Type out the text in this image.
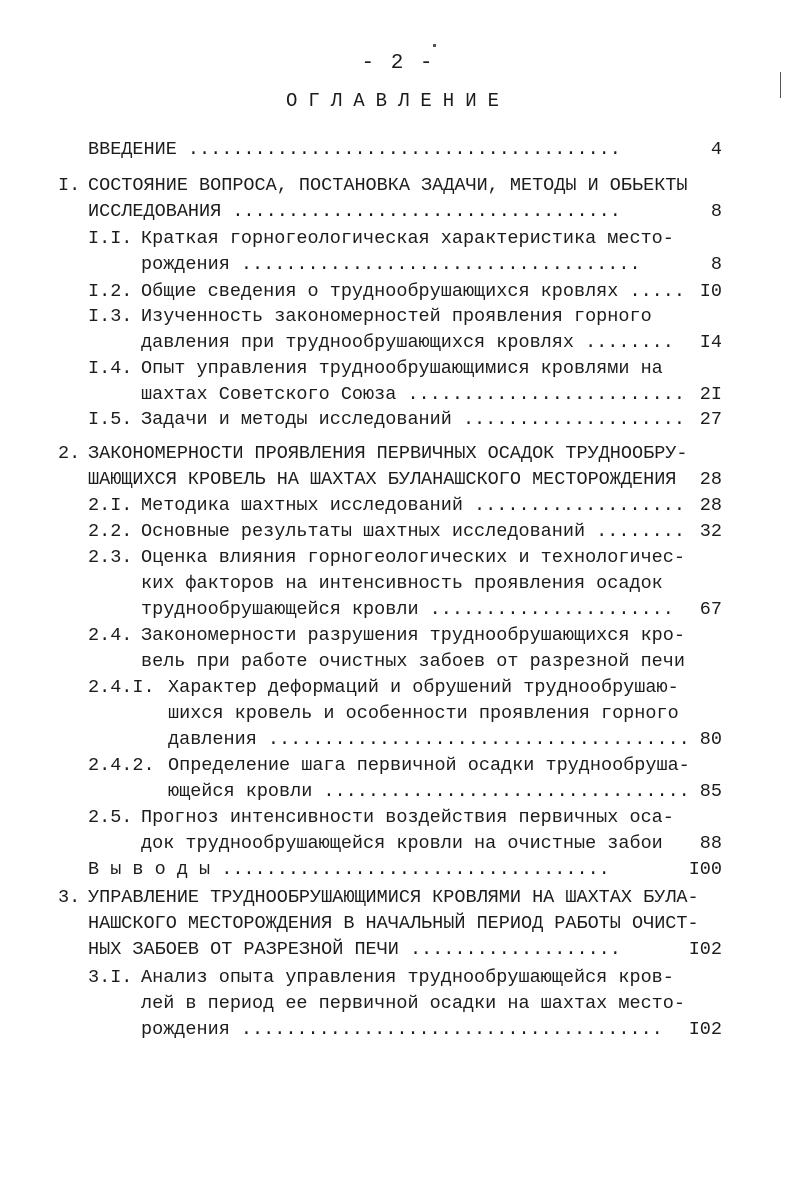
- 2 -
ОГЛАВЛЕНИЕ
ВВЕДЕНИЕ .......................................	4
I. СОСТОЯНИЕ ВОПРОСА, ПОСТАНОВКА ЗАДАЧИ, МЕТОДЫ И ОБЬЕКТЫ
ИССЛЕДОВАНИЯ ...................................	8
I.I. Краткая горногеологическая характеристика место-
рождения ....................................	8
I.2. Общие сведения о труднообрушающихся кровлях ..... I0
I.3. Изученность закономерностей проявления горного
давления при труднообрушающихся кровлях ........	I4
I.4. Опыт управления труднообрушающимися кровлями на
шахтах Советского Союза ......................... 2I
I.5. Задачи и методы исследований .................... 27
2. ЗАКОНОМЕРНОСТИ ПРОЯВЛЕНИЯ ПЕРВИЧНЫХ ОСАДОК ТРУДНООБРУ-
ШАЮЩИХСЯ КРОВЕЛЬ НА ШАХТАХ БУЛАНАШСКОГО МЕСТОРОЖДЕНИЯ	28
2.I. Методика шахтных исследований ................... 28
2.2. Основные результаты шахтных исследований ........ 32
2.3. Оценка влияния горногеологических и технологичес-
ких факторов на интенсивность проявления осадок
труднообрушающейся кровли ......................	67
2.4. Закономерности разрушения труднообрушающихся кро-
вель при работе очистных забоев от разрезной печи
2.4.I. Характер деформаций и обрушений труднообрушаю-
шихся кровель и особенности проявления горного
давления ...................................... 80
2.4.2. Определение шага первичной осадки труднообруша-
ющейся кровли ................................. 85
2.5. Прогноз интенсивности воздействия первичных оса-
док труднообрушающейся кровли на очистные забои	88
В ы в о д ы ...................................	I00
3. УПРАВЛЕНИЕ ТРУДНООБРУШАЮЩИМИСЯ КРОВЛЯМИ НА ШАХТАХ БУЛА-
НАШСКОГО МЕСТОРОЖДЕНИЯ В НАЧАЛЬНЫЙ ПЕРИОД РАБОТЫ ОЧИСТ-
НЫХ ЗАБОЕВ ОТ РАЗРЕЗНОЙ ПЕЧИ ...................	I02
3.I. Анализ опыта управления труднообрушающейся кров-
лей в период ее первичной осадки на шахтах место-
рождения ......................................	I02
